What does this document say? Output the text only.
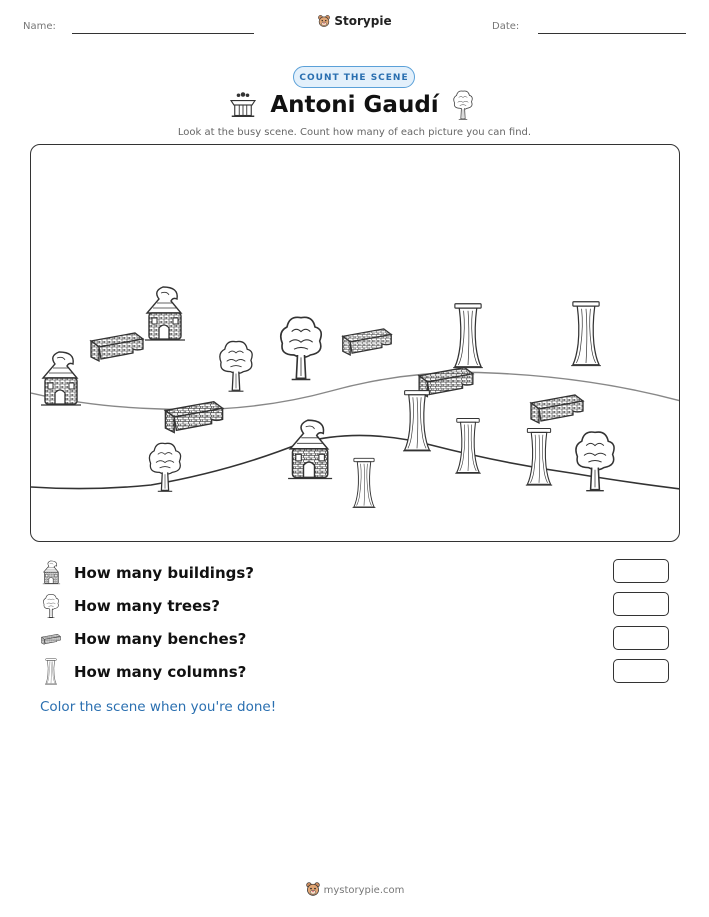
Name:	Storypie	Date:
COUNT THE SCENE
Antoni Gaudí
Look at the busy scene. Count how many of each picture you can find.
How many buildings?
How many trees?
How many benches?
How many columns?
Color the scene when you're done!
mystorypie.com
